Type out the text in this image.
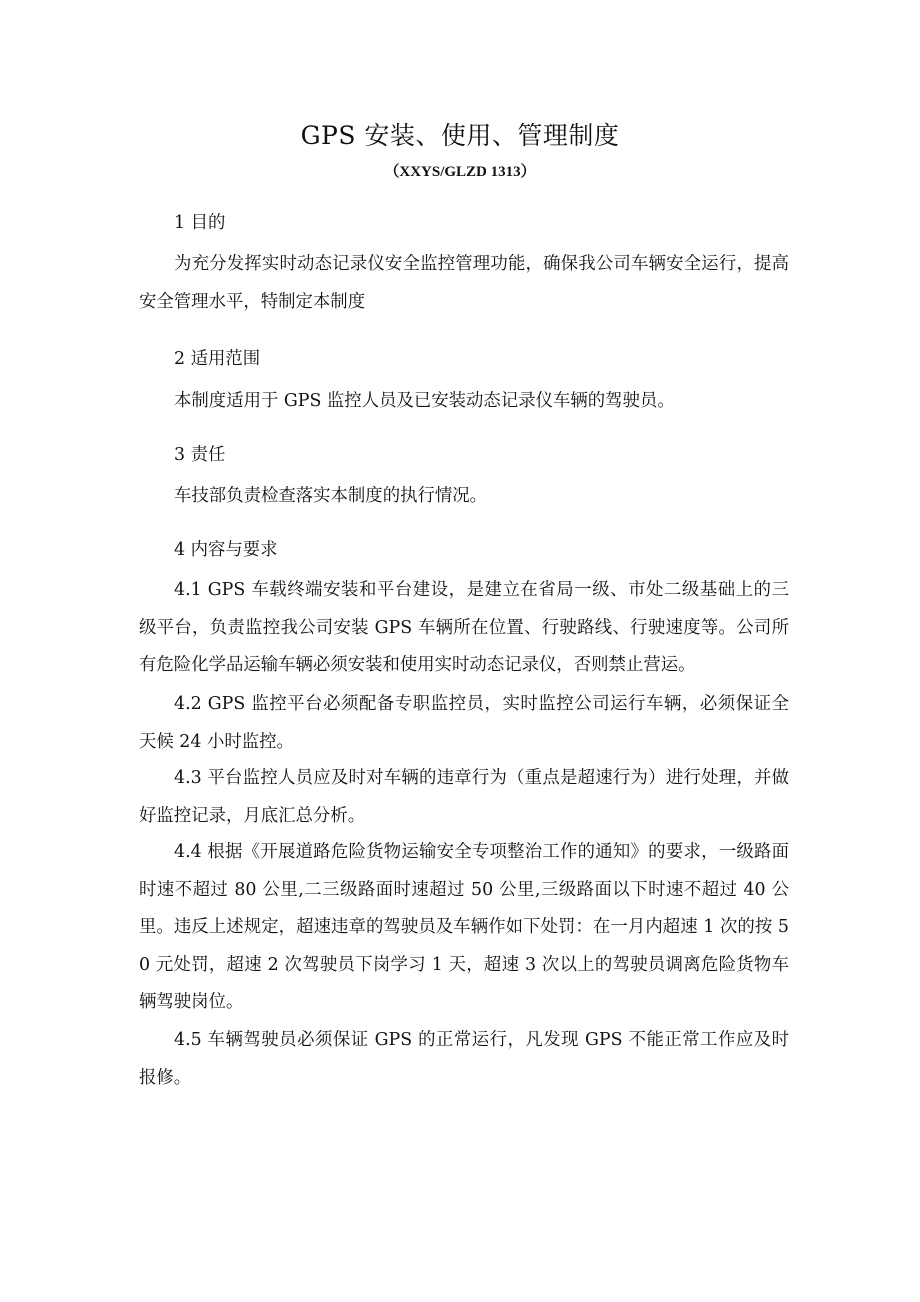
GPS 安装、使用、管理制度
（XXYS/GLZD 1313）

1 目的

为充分发挥实时动态记录仪安全监控管理功能，确保我公司车辆安全运行，提高安全管理水平，特制定本制度

2 适用范围

本制度适用于 GPS 监控人员及已安装动态记录仪车辆的驾驶员。

3 责任

车技部负责检查落实本制度的执行情况。

4 内容与要求

4.1 GPS 车载终端安装和平台建设，是建立在省局一级、市处二级基础上的三级平台，负责监控我公司安装 GPS 车辆所在位置、行驶路线、行驶速度等。公司所有危险化学品运输车辆必须安装和使用实时动态记录仪，否则禁止营运。

4.2 GPS 监控平台必须配备专职监控员，实时监控公司运行车辆，必须保证全天候 24 小时监控。

4.3 平台监控人员应及时对车辆的违章行为（重点是超速行为）进行处理，并做好监控记录，月底汇总分析。

4.4 根据《开展道路危险货物运输安全专项整治工作的通知》的要求，一级路面时速不超过 80 公里,二三级路面时速超过 50 公里,三级路面以下时速不超过 40 公里。违反上述规定，超速违章的驾驶员及车辆作如下处罚：在一月内超速 1 次的按 50 元处罚，超速 2 次驾驶员下岗学习 1 天，超速 3 次以上的驾驶员调离危险货物车辆驾驶岗位。

4.5 车辆驾驶员必须保证 GPS 的正常运行，凡发现 GPS 不能正常工作应及时报修。
